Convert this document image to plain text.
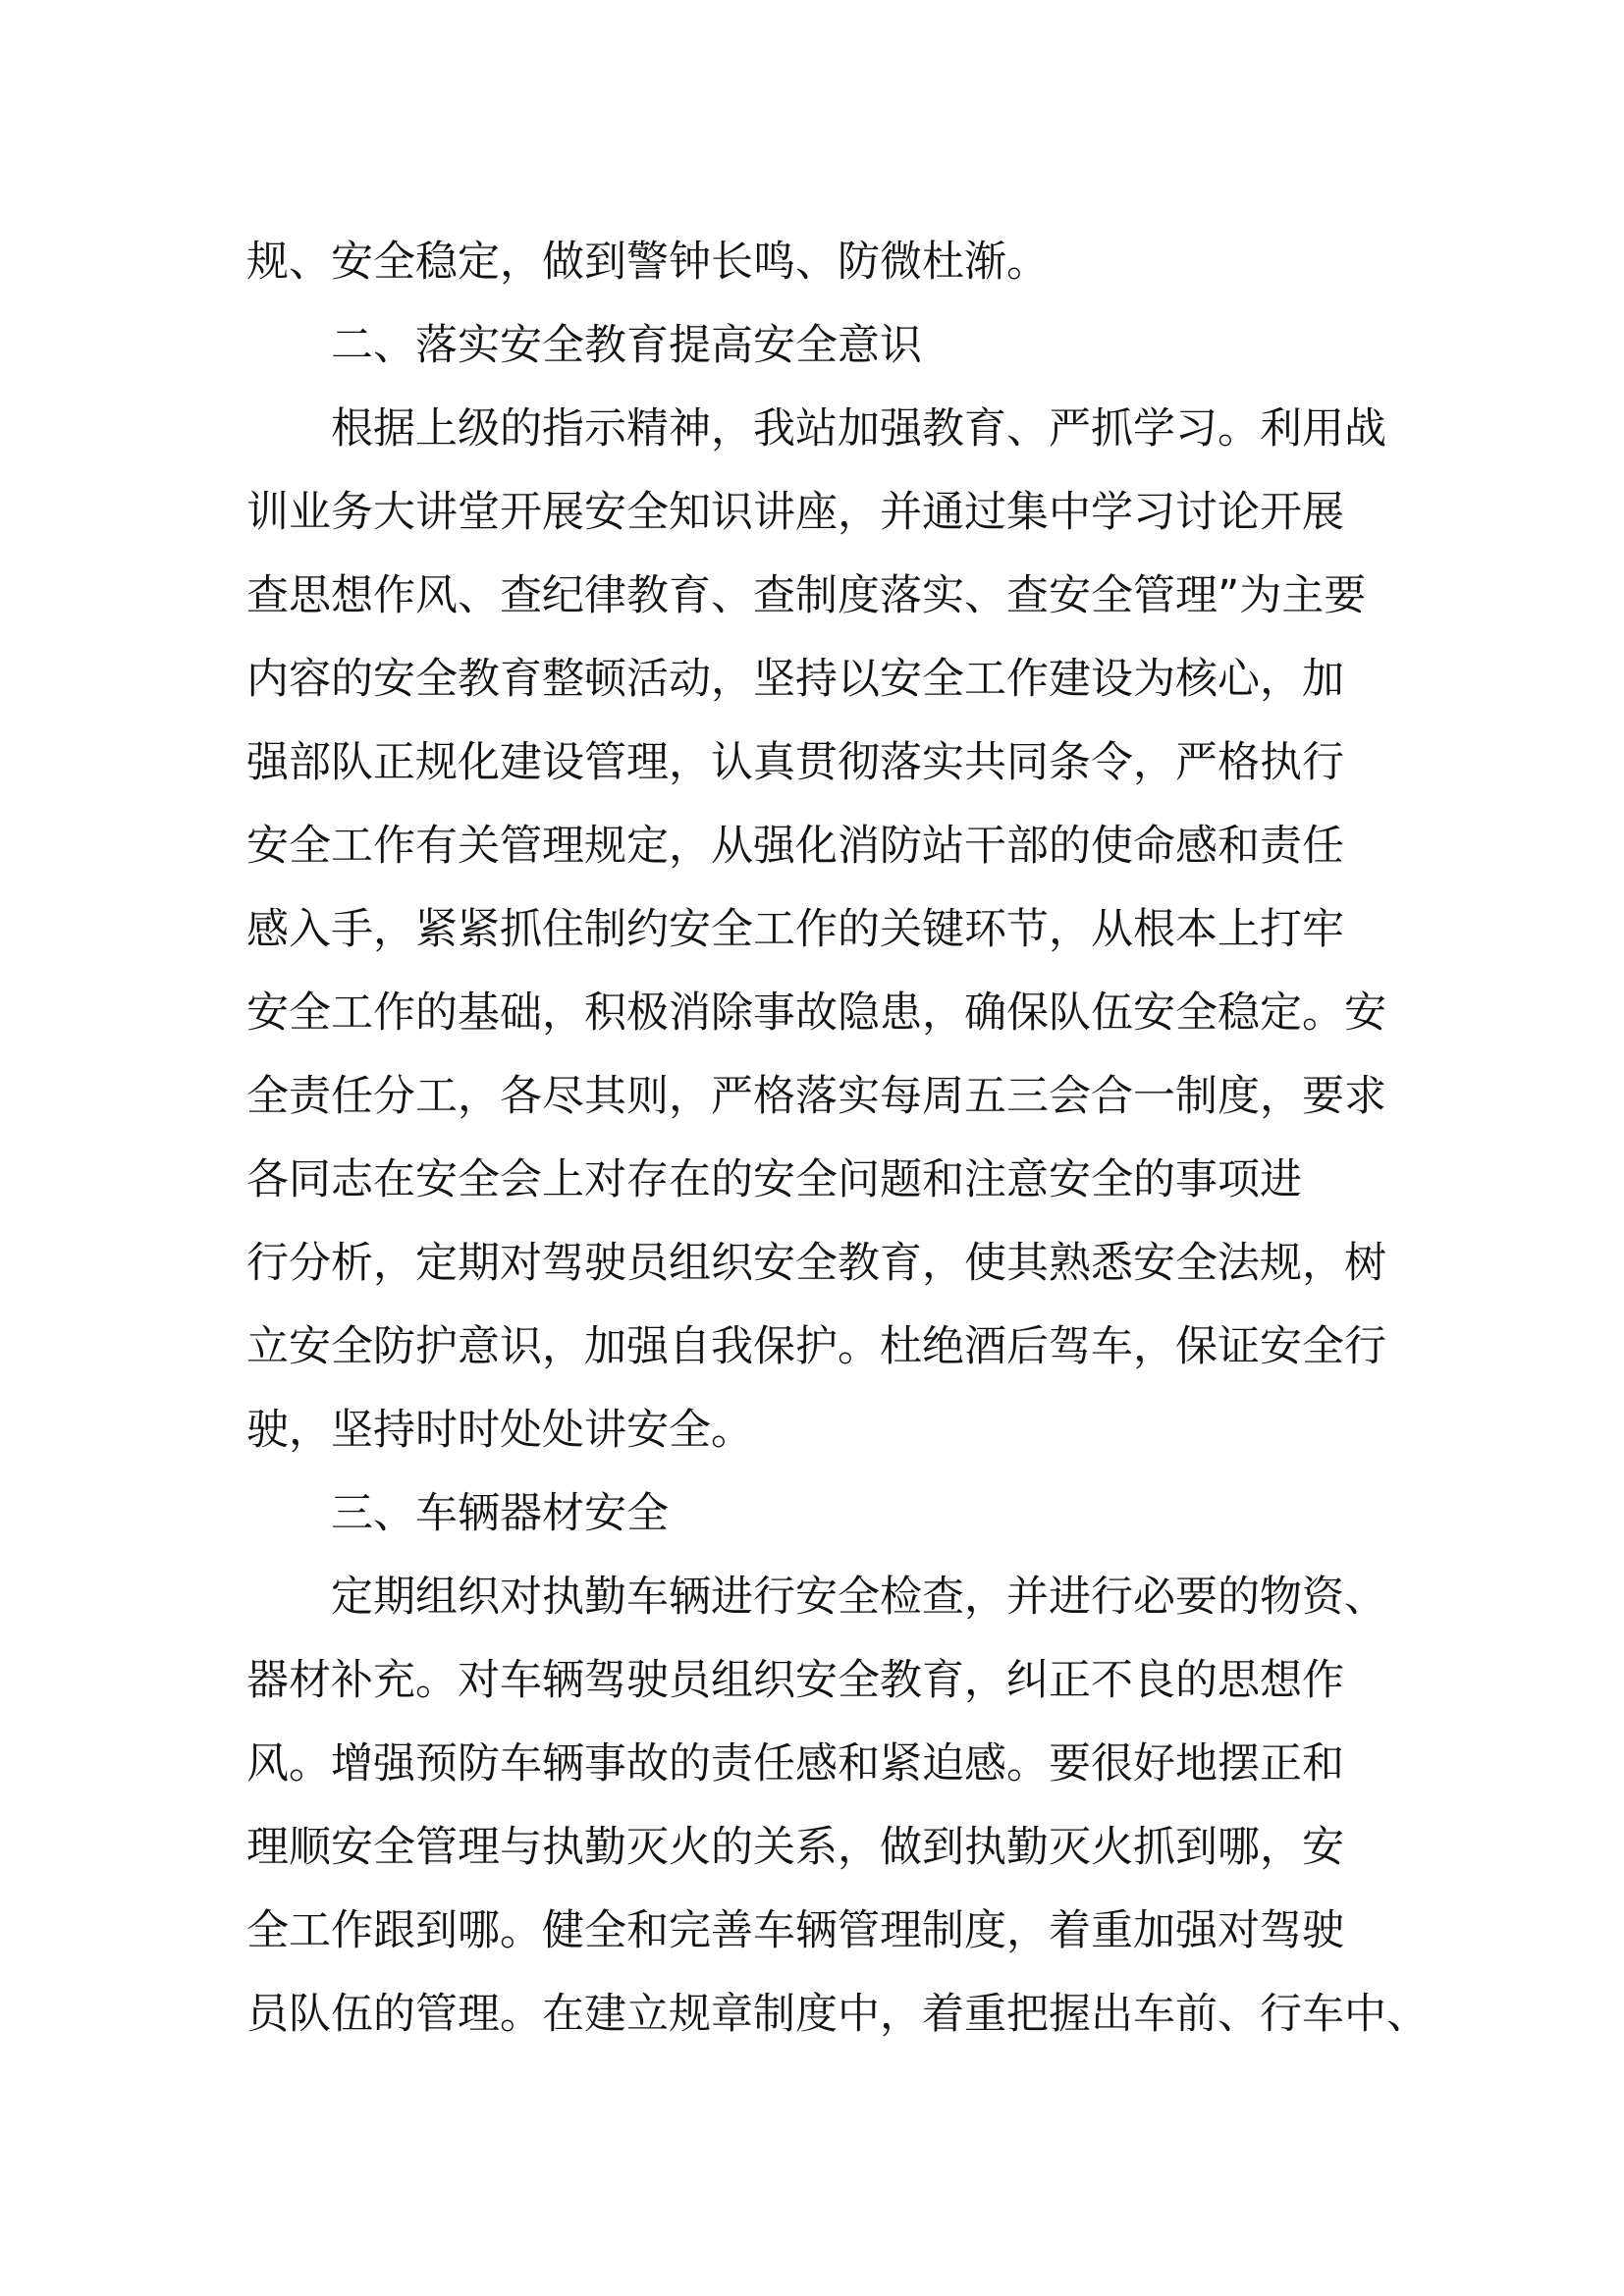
规、安全稳定，做到警钟长鸣、防微杜渐。
二、落实安全教育提高安全意识
根据上级的指示精神，我站加强教育、严抓学习。利用战
训业务大讲堂开展安全知识讲座，并通过集中学习讨论开展
查思想作风、查纪律教育、查制度落实、查安全管理”为主要
内容的安全教育整顿活动，坚持以安全工作建设为核心，加
强部队正规化建设管理，认真贯彻落实共同条令，严格执行
安全工作有关管理规定，从强化消防站干部的使命感和责任
感入手，紧紧抓住制约安全工作的关键环节，从根本上打牢
安全工作的基础，积极消除事故隐患，确保队伍安全稳定。安
全责任分工，各尽其则，严格落实每周五三会合一制度，要求
各同志在安全会上对存在的安全问题和注意安全的事项进
行分析，定期对驾驶员组织安全教育，使其熟悉安全法规，树
立安全防护意识，加强自我保护。杜绝酒后驾车，保证安全行
驶，坚持时时处处讲安全。
三、车辆器材安全
定期组织对执勤车辆进行安全检查，并进行必要的物资、
器材补充。对车辆驾驶员组织安全教育，纠正不良的思想作
风。增强预防车辆事故的责任感和紧迫感。要很好地摆正和
理顺安全管理与执勤灭火的关系，做到执勤灭火抓到哪，安
全工作跟到哪。健全和完善车辆管理制度，着重加强对驾驶
员队伍的管理。在建立规章制度中，着重把握出车前、行车中、
